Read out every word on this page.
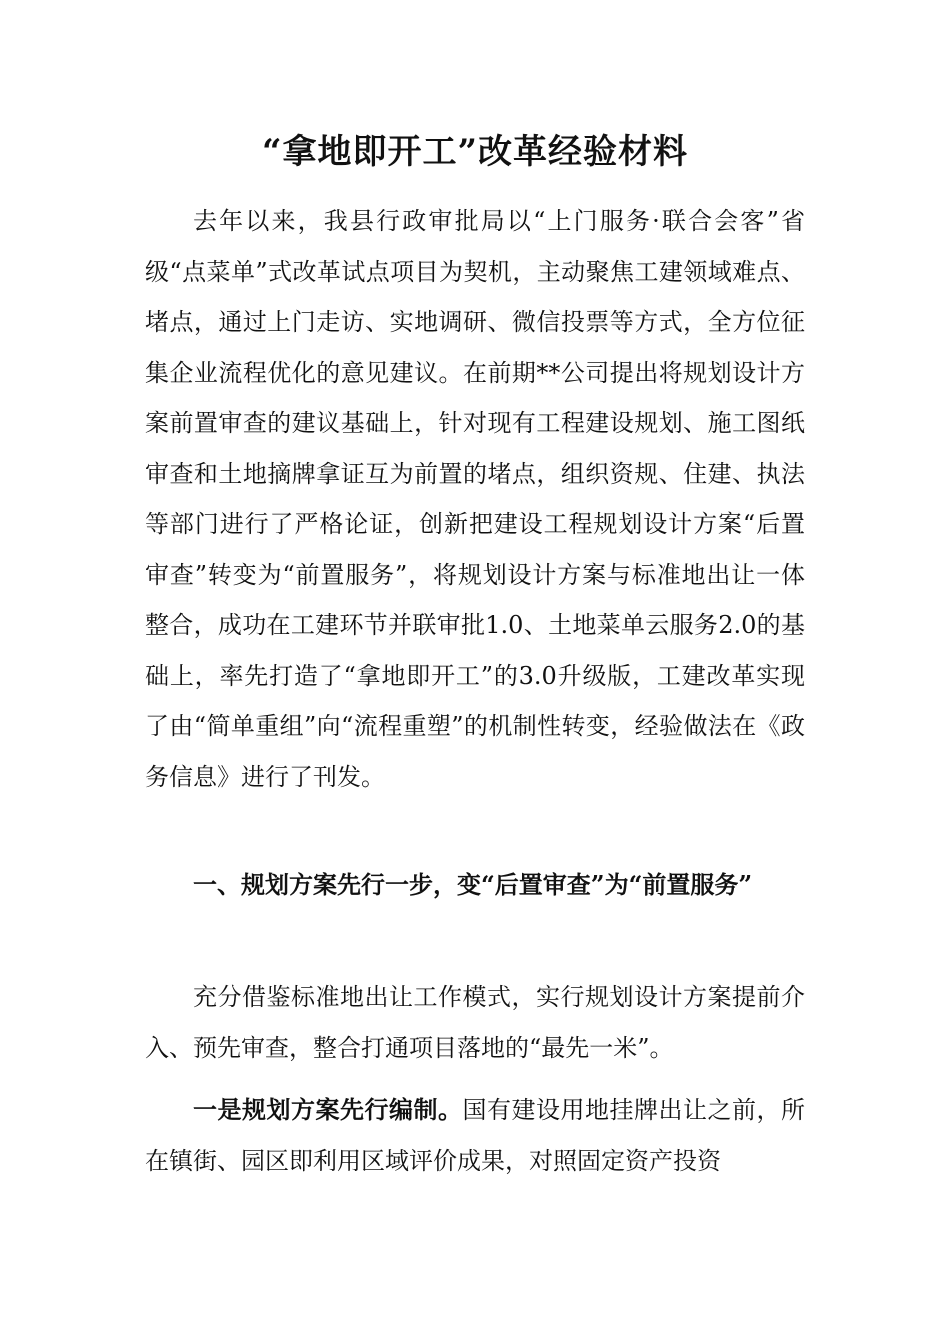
“拿地即开工”改革经验材料

去年以来，我县行政审批局以“上门服务·联合会客”省级“点菜单”式改革试点项目为契机，主动聚焦工建领域难点、堵点，通过上门走访、实地调研、微信投票等方式，全方位征集企业流程优化的意见建议。在前期**公司提出将规划设计方案前置审查的建议基础上，针对现有工程建设规划、施工图纸审查和土地摘牌拿证互为前置的堵点，组织资规、住建、执法等部门进行了严格论证，创新把建设工程规划设计方案“后置审查”转变为“前置服务”，将规划设计方案与标准地出让一体整合，成功在工建环节并联审批1.0、土地菜单云服务2.0的基础上，率先打造了“拿地即开工”的3.0升级版，工建改革实现了由“简单重组”向“流程重塑”的机制性转变，经验做法在《政务信息》进行了刊发。

一、规划方案先行一步，变“后置审查”为“前置服务”

充分借鉴标准地出让工作模式，实行规划设计方案提前介入、预先审查，整合打通项目落地的“最先一米”。

一是规划方案先行编制。国有建设用地挂牌出让之前，所在镇街、园区即利用区域评价成果，对照固定资产投资
